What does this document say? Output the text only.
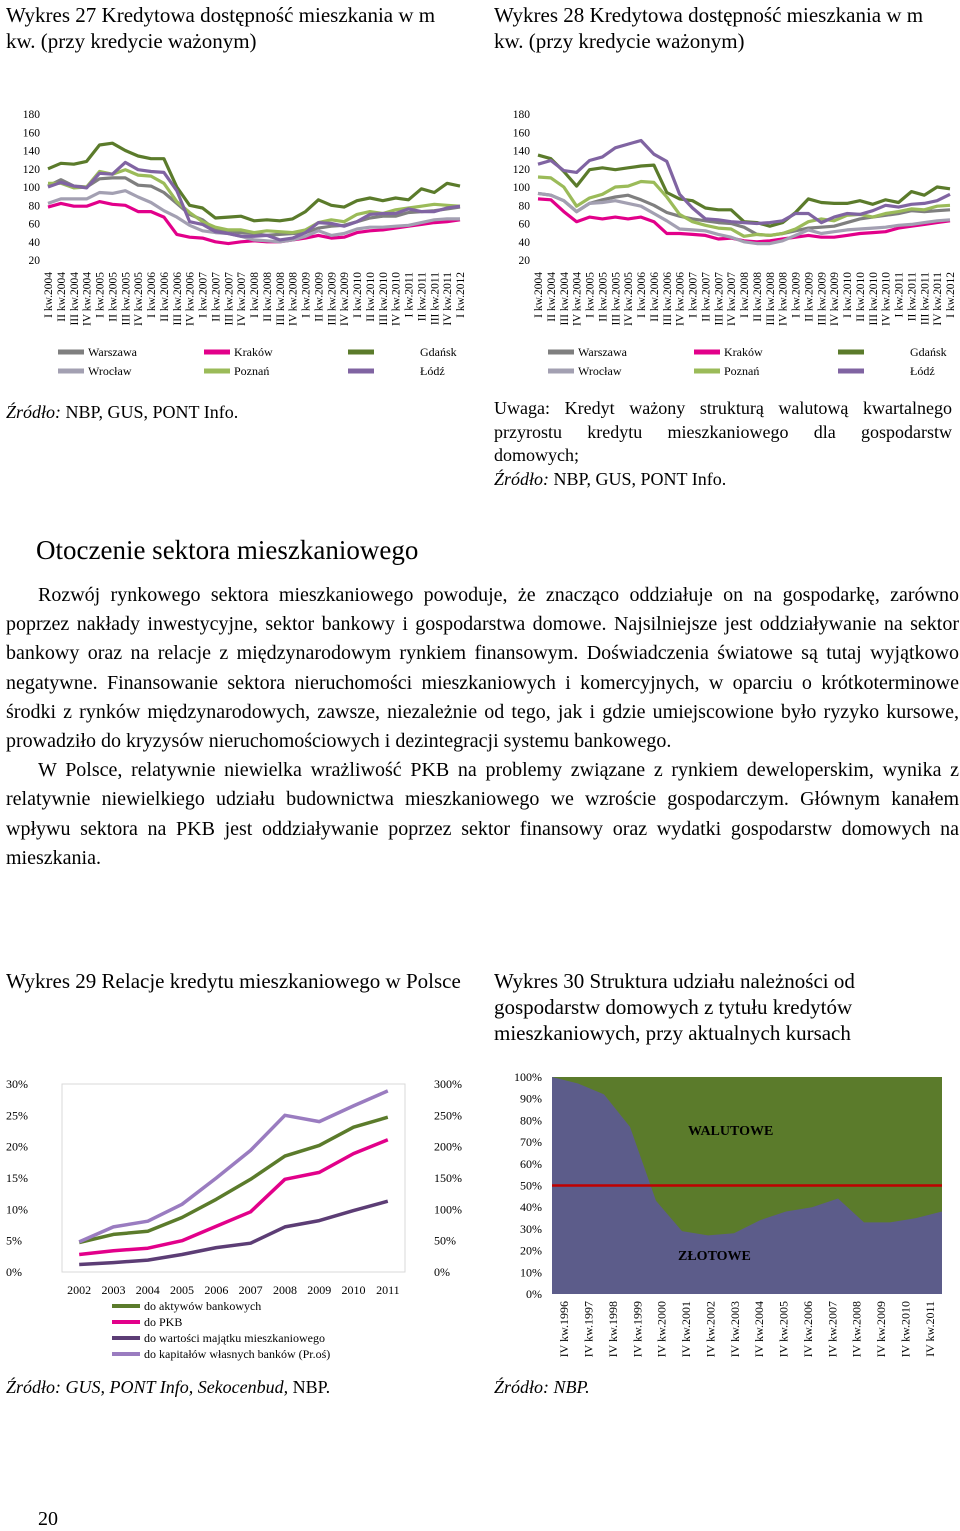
Wykres 27 Kredytowa dostępność mieszkania w m kw. (przy kredycie ważonym)
180
160
140
120
100
80
60
40
20
I kw.2004 II kw.2004 III kw.2004 IV kw.2004 I kw.2005 II kw.2005 III kw.2005 IV kw.2005 I kw.2006 II kw.2006 III kw.2006 IV kw.2006 I kw.2007 II kw.2007 III kw.2007 IV kw.2007 I kw.2008 II kw.2008 III kw.2008 IV kw.2008 I kw.2009 II kw.2009 III kw.2009 IV kw.2009 I kw.2010 II kw.2010 III kw.2010 IV kw.2010 I kw.2011 II kw.2011 III kw.2011 IV kw.2011 I kw.2012
Warszawa	Kraków	Gdańsk
Wrocław	Poznań	Łódź
Źródło: NBP, GUS, PONT Info.
Wykres 28 Kredytowa dostępność mieszkania w m kw. (przy kredycie ważonym)
180
160
140
120
100
80
60
40
20
I kw.2004 II kw.2004 III kw.2004 IV kw.2004 I kw.2005 II kw.2005 III kw.2005 IV kw.2005 I kw.2006 II kw.2006 III kw.2006 IV kw.2006 I kw.2007 II kw.2007 III kw.2007 IV kw.2007 I kw.2008 II kw.2008 III kw.2008 IV kw.2008 I kw.2009 II kw.2009 III kw.2009 IV kw.2009 I kw.2010 II kw.2010 III kw.2010 IV kw.2010 I kw.2011 II kw.2011 III kw.2011 IV kw.2011 I kw.2012
Warszawa	Kraków	Gdańsk
Wrocław	Poznań	Łódź
Uwaga: Kredyt ważony strukturą walutową kwartalnego przyrostu kredytu mieszkaniowego dla gospodarstw domowych;
Źródło: NBP, GUS, PONT Info.
Otoczenie sektora mieszkaniowego

Rozwój rynkowego sektora mieszkaniowego powoduje, że znacząco oddziałuje on na gospodarkę, zarówno poprzez nakłady inwestycyjne, sektor bankowy i gospodarstwa domowe. Najsilniejsze jest oddziaływanie na sektor bankowy oraz na relacje z międzynarodowym rynkiem finansowym. Doświadczenia światowe są tutaj wyjątkowo negatywne. Finansowanie sektora nieruchomości mieszkaniowych i komercyjnych, w oparciu o krótkoterminowe środki z rynków międzynarodowych, zawsze, niezależnie od tego, jak i gdzie umiejscowione było ryzyko kursowe, prowadziło do kryzysów nieruchomościowych i dezintegracji systemu bankowego.

W Polsce, relatywnie niewielka wrażliwość PKB na problemy związane z rynkiem deweloperskim, wynika z relatywnie niewielkiego udziału budownictwa mieszkaniowego we wzroście gospodarczym. Głównym kanałem wpływu sektora na PKB jest oddziaływanie poprzez sektor finansowy oraz wydatki gospodarstw domowych na mieszkania.

Wykres 29 Relacje kredytu mieszkaniowego w Polsce
30%
25%
20%
15%
10%
5%
0%
300%
250%
200%
150%
100%
50%
0%
2002 2003 2004 2005 2006 2007 2008 2009 2010 2011
do aktywów bankowych
do PKB
do wartości majątku mieszkaniowego
do kapitałów własnych banków (Pr.oś)
Źródło: GUS, PONT Info, Sekocenbud, NBP.
Wykres 30 Struktura udziału należności od gospodarstw domowych z tytułu kredytów mieszkaniowych, przy aktualnych kursach
100%
90%
80%
70%
60%
50%
40%
30%
20%
10%
0%
WALUTOWE
ZŁOTOWE
IV kw.1996 IV kw.1997 IV kw.1998 IV kw.1999 IV kw.2000 IV kw.2001 IV kw.2002 IV kw.2003 IV kw.2004 IV kw.2005 IV kw.2006 IV kw.2007 IV kw.2008 IV kw.2009 IV kw.2010 IV kw.2011
Źródło: NBP.
20
